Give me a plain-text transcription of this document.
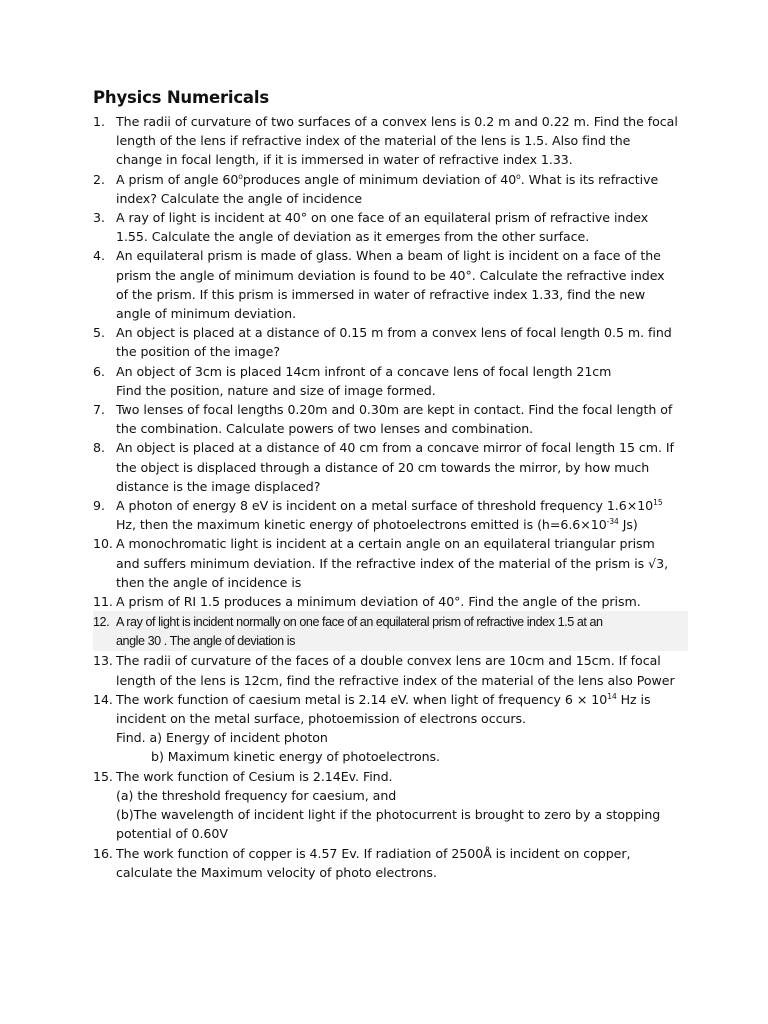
Physics Numericals
1. The radii of curvature of two surfaces of a convex lens is 0.2 m and 0.22 m. Find the focal
length of the lens if refractive index of the material of the lens is 1.5. Also find the
change in focal length, if it is immersed in water of refractive index 1.33.
2. A prism of angle 60$^o$produces angle of minimum deviation of 40$^o$. What is its refractive
index? Calculate the angle of incidence
3. A ray of light is incident at 40° on one face of an equilateral prism of refractive index
1.55. Calculate the angle of deviation as it emerges from the other surface.
4. An equilateral prism is made of glass. When a beam of light is incident on a face of the
prism the angle of minimum deviation is found to be 40°. Calculate the refractive index
of the prism. If this prism is immersed in water of refractive index 1.33, find the new
angle of minimum deviation.
5. An object is placed at a distance of 0.15 m from a convex lens of focal length 0.5 m. find
the position of the image?
6. An object of 3cm is placed 14cm infront of a concave lens of focal length 21cm
Find the position, nature and size of image formed.
7. Two lenses of focal lengths 0.20m and 0.30m are kept in contact. Find the focal length of
the combination. Calculate powers of two lenses and combination.
8. An object is placed at a distance of 40 cm from a concave mirror of focal length 15 cm. If
the object is displaced through a distance of 20 cm towards the mirror, by how much
distance is the image displaced?
9. A photon of energy 8 eV is incident on a metal surface of threshold frequency $1.6\times 10^{15}$
Hz, then the maximum kinetic energy of photoelectrons emitted is ($h=6.6\times 10^{-34}$ Js)
10. A monochromatic light is incident at a certain angle on an equilateral triangular prism
and suffers minimum deviation. If the refractive index of the material of the prism is √3,
then the angle of incidence is
11. A prism of RI 1.5 produces a minimum deviation of 40°. Find the angle of the prism.
12. A ray of light is incident normally on one face of an equilateral prism of refractive index 1.5 at an
angle 30 . The angle of deviation is
13. The radii of curvature of the faces of a double convex lens are 10cm and 15cm. If focal
length of the lens is 12cm, find the refractive index of the material of the lens also Power
14. The work function of caesium metal is 2.14 eV. when light of frequency $6 \times 10^{14}$ Hz is
incident on the metal surface, photoemission of electrons occurs.
Find. a) Energy of incident photon
b) Maximum kinetic energy of photoelectrons.
15. The work function of Cesium is 2.14Ev. Find.
(a) the threshold frequency for caesium, and
(b)The wavelength of incident light if the photocurrent is brought to zero by a stopping
potential of 0.60V
16. The work function of copper is 4.57 Ev. If radiation of 2500Å is incident on copper,
calculate the Maximum velocity of photo electrons.
